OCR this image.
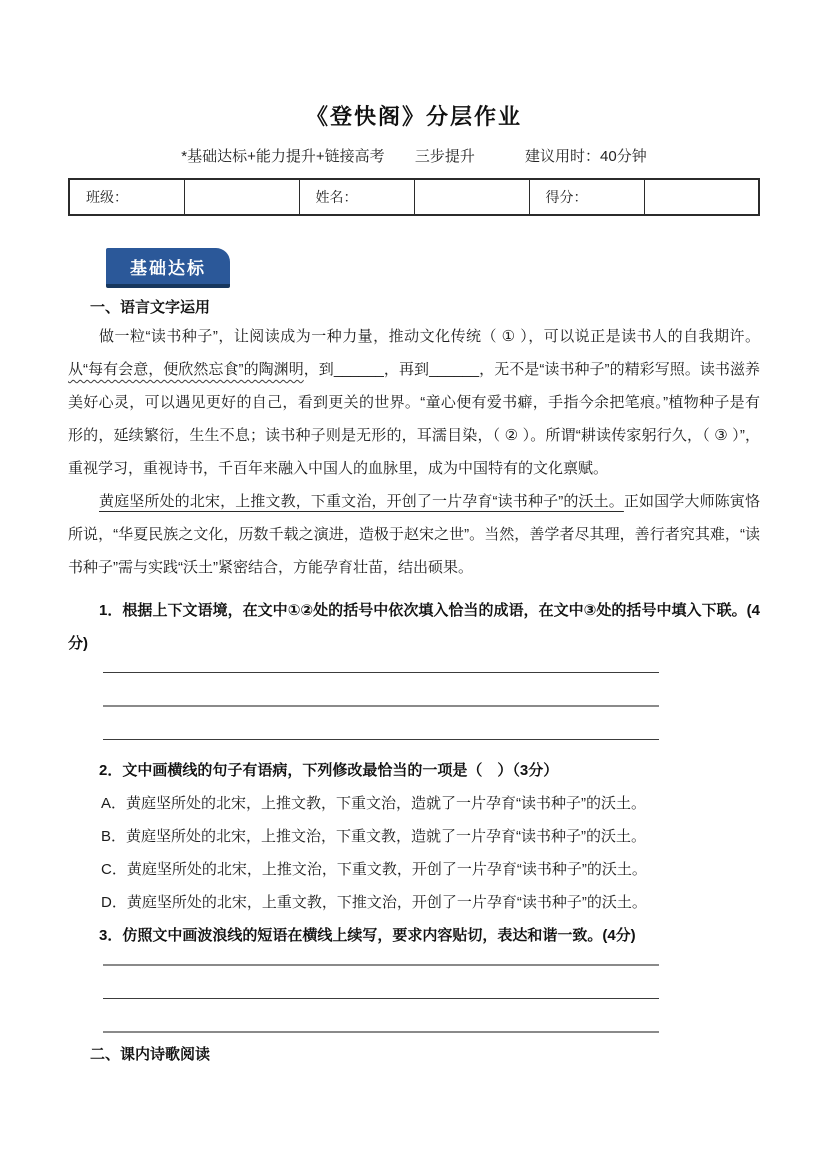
《登快阁》分层作业
*基础达标+能力提升+链接高考 三步提升	建议用时：40分钟
班级：		姓名：		得分：	
基础达标
一、语言文字运用

做一粒“读书种子”，让阅读成为一种力量，推动文化传统（ ① ），可以说正是读书人的自我期许。从“每有会意，便欣然忘食”的陶渊明，到______，再到______，无不是“读书种子”的精彩写照。读书滋养美好心灵，可以遇见更好的自己，看到更关的世界。“童心便有爱书癖，手指今余把笔痕。”植物种子是有形的，延续繁衍，生生不息；读书种子则是无形的，耳濡目染，（ ② ）。所谓“耕读传家躬行久，（ ③ ）”，重视学习，重视诗书，千百年来融入中国人的血脉里，成为中国特有的文化禀赋。

黄庭坚所处的北宋，上推文教，下重文治，开创了一片孕育“读书种子”的沃土。正如国学大师陈寅恪所说，“华夏民族之文化，历数千载之演进，造极于赵宋之世”。当然，善学者尽其理，善行者究其难，“读书种子”需与实践“沃土”紧密结合，方能孕育壮苗，结出硕果。

1．根据上下文语境，在文中①②处的括号中依次填入恰当的成语，在文中③处的括号中填入下联。(4分)

2．文中画横线的句子有语病，下列修改最恰当的一项是（　）（3分）

A．黄庭坚所处的北宋，上推文教，下重文治，造就了一片孕育“读书种子”的沃土。

B．黄庭坚所处的北宋，上推文治，下重文教，造就了一片孕育“读书种子”的沃土。

C．黄庭坚所处的北宋，上推文治，下重文教，开创了一片孕育“读书种子”的沃土。

D．黄庭坚所处的北宋，上重文教，下推文治，开创了一片孕育“读书种子”的沃土。

3．仿照文中画波浪线的短语在横线上续写，要求内容贴切，表达和谐一致。(4分)

二、课内诗歌阅读
